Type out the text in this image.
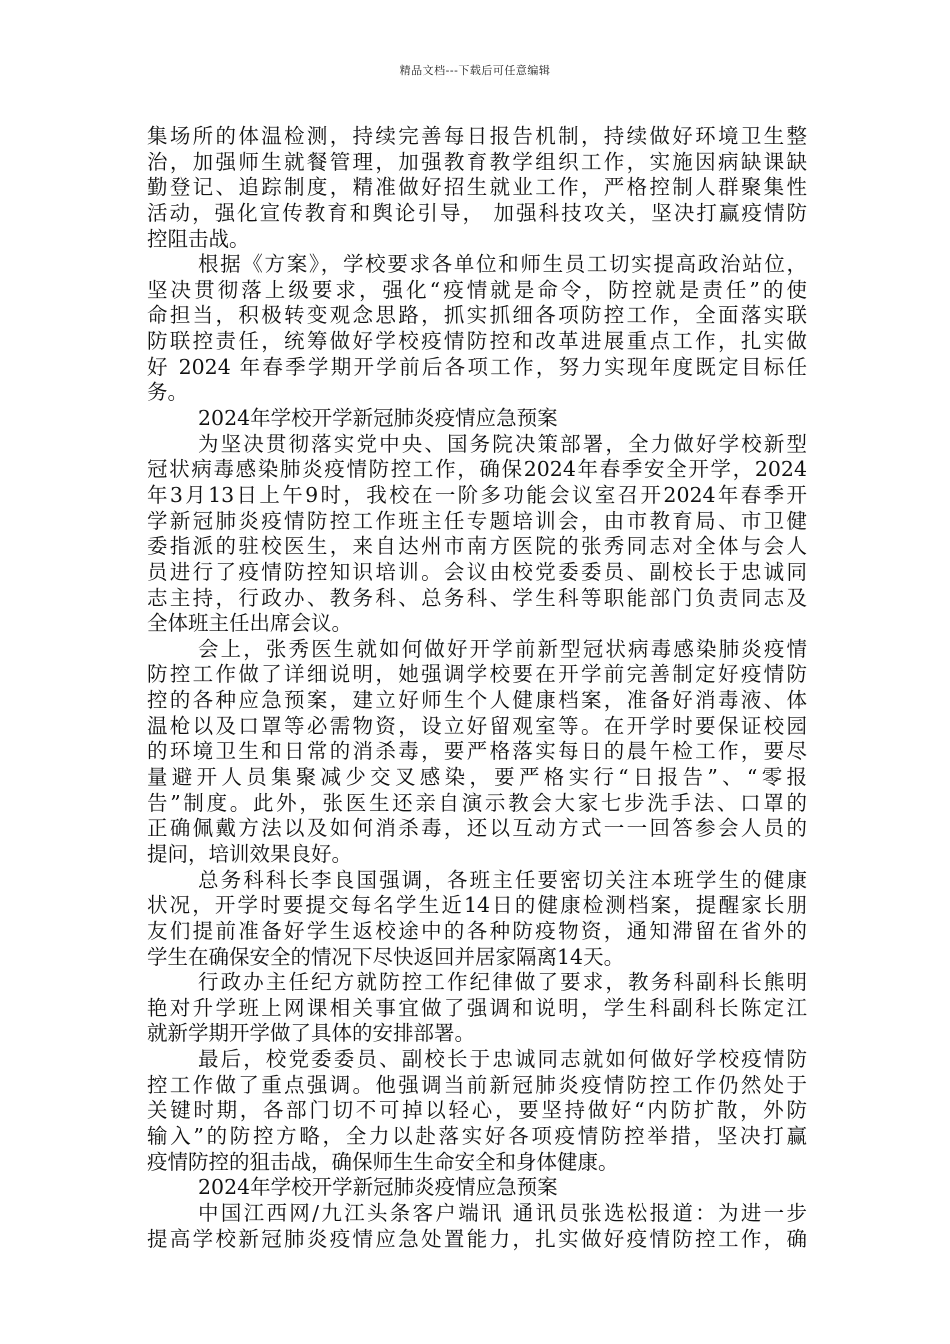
精品文档---下载后可任意编辑
集场所的体温检测，持续完善每日报告机制，持续做好环境卫生整
治，加强师生就餐管理，加强教育教学组织工作，实施因病缺课缺
勤登记、追踪制度，精准做好招生就业工作，严格控制人群聚集性
活动，强化宣传教育和舆论引导， 加强科技攻关，坚决打赢疫情防
控阻击战。
根据《方案》，学校要求各单位和师生员工切实提高政治站位，
坚决贯彻落上级要求，强化“疫情就是命令，防控就是责任”的使
命担当，积极转变观念思路，抓实抓细各项防控工作，全面落实联
防联控责任，统筹做好学校疫情防控和改革进展重点工作，扎实做
好 2024 年春季学期开学前后各项工作，努力实现年度既定目标任
务。
2024年学校开学新冠肺炎疫情应急预案
为坚决贯彻落实党中央、国务院决策部署，全力做好学校新型
冠状病毒感染肺炎疫情防控工作，确保2024年春季安全开学，2024
年3月13日上午9时，我校在一阶多功能会议室召开2024年春季开
学新冠肺炎疫情防控工作班主任专题培训会，由市教育局、市卫健
委指派的驻校医生，来自达州市南方医院的张秀同志对全体与会人
员进行了疫情防控知识培训。会议由校党委委员、副校长于忠诚同
志主持，行政办、教务科、总务科、学生科等职能部门负责同志及
全体班主任出席会议。
会上，张秀医生就如何做好开学前新型冠状病毒感染肺炎疫情
防控工作做了详细说明，她强调学校要在开学前完善制定好疫情防
控的各种应急预案，建立好师生个人健康档案，准备好消毒液、体
温枪以及口罩等必需物资，设立好留观室等。在开学时要保证校园
的环境卫生和日常的消杀毒，要严格落实每日的晨午检工作，要尽
量避开人员集聚减少交叉感染，要严格实行“日报告”、“零报
告”制度。此外，张医生还亲自演示教会大家七步洗手法、口罩的
正确佩戴方法以及如何消杀毒，还以互动方式一一回答参会人员的
提问，培训效果良好。
总务科科长李良国强调，各班主任要密切关注本班学生的健康
状况，开学时要提交每名学生近14日的健康检测档案，提醒家长朋
友们提前准备好学生返校途中的各种防疫物资，通知滞留在省外的
学生在确保安全的情况下尽快返回并居家隔离14天。
行政办主任纪方就防控工作纪律做了要求，教务科副科长熊明
艳对升学班上网课相关事宜做了强调和说明，学生科副科长陈定江
就新学期开学做了具体的安排部署。
最后，校党委委员、副校长于忠诚同志就如何做好学校疫情防
控工作做了重点强调。他强调当前新冠肺炎疫情防控工作仍然处于
关键时期，各部门切不可掉以轻心，要坚持做好“内防扩散，外防
输入”的防控方略，全力以赴落实好各项疫情防控举措，坚决打赢
疫情防控的狙击战，确保师生生命安全和身体健康。
2024年学校开学新冠肺炎疫情应急预案
中国江西网/九江头条客户端讯 通讯员张选松报道：为进一步
提高学校新冠肺炎疫情应急处置能力，扎实做好疫情防控工作，确
